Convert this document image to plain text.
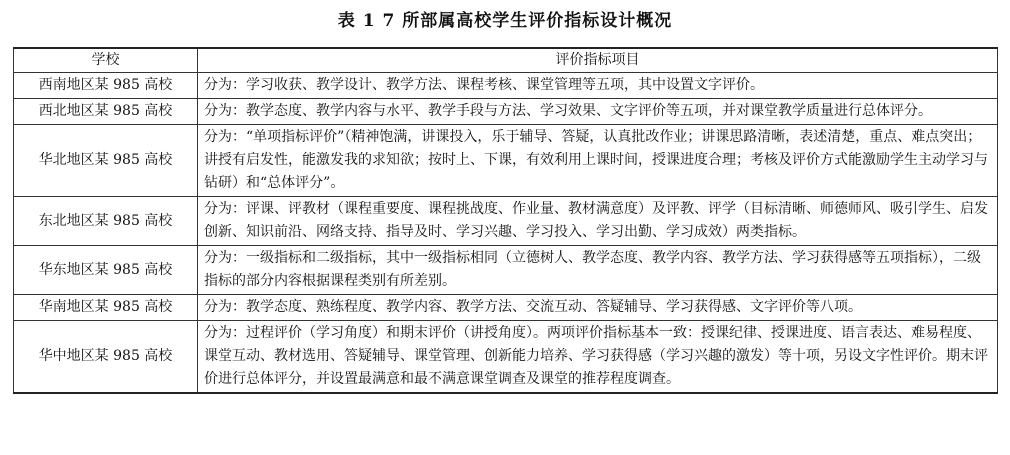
表 1 7 所部属高校学生评价指标设计概况
学校	评价指标项目
西南地区某 985 高校	分为：学习收获、教学设计、教学方法、课程考核、课堂管理等五项，其中设置文字评价。
西北地区某 985 高校	分为：教学态度、教学内容与水平、教学手段与方法、学习效果、文字评价等五项，并对课堂教学质量进行总体评分。
华北地区某 985 高校	分为：“单项指标评价”（精神饱满，讲课投入，乐于辅导、答疑，认真批改作业；讲课思路清晰，表述清楚，重点、难点突出；讲授有启发性，能激发我的求知欲；按时上、下课，有效利用上课时间，授课进度合理；考核及评价方式能激励学生主动学习与钻研）和“总体评分”。
东北地区某 985 高校	分为：评课、评教材（课程重要度、课程挑战度、作业量、教材满意度）及评教、评学（目标清晰、师德师风、吸引学生、启发创新、知识前沿、网络支持、指导及时、学习兴趣、学习投入、学习出勤、学习成效）两类指标。
华东地区某 985 高校	分为：一级指标和二级指标，其中一级指标相同（立德树人、教学态度、教学内容、教学方法、学习获得感等五项指标），二级指标的部分内容根据课程类别有所差别。
华南地区某 985 高校	分为：教学态度、熟练程度、教学内容、教学方法、交流互动、答疑辅导、学习获得感、文字评价等八项。
华中地区某 985 高校	分为：过程评价（学习角度）和期末评价（讲授角度）。两项评价指标基本一致：授课纪律、授课进度、语言表达、难易程度、课堂互动、教材选用、答疑辅导、课堂管理、创新能力培养、学习获得感（学习兴趣的激发）等十项，另设文字性评价。期末评价进行总体评分，并设置最满意和最不满意课堂调查及课堂的推荐程度调查。
